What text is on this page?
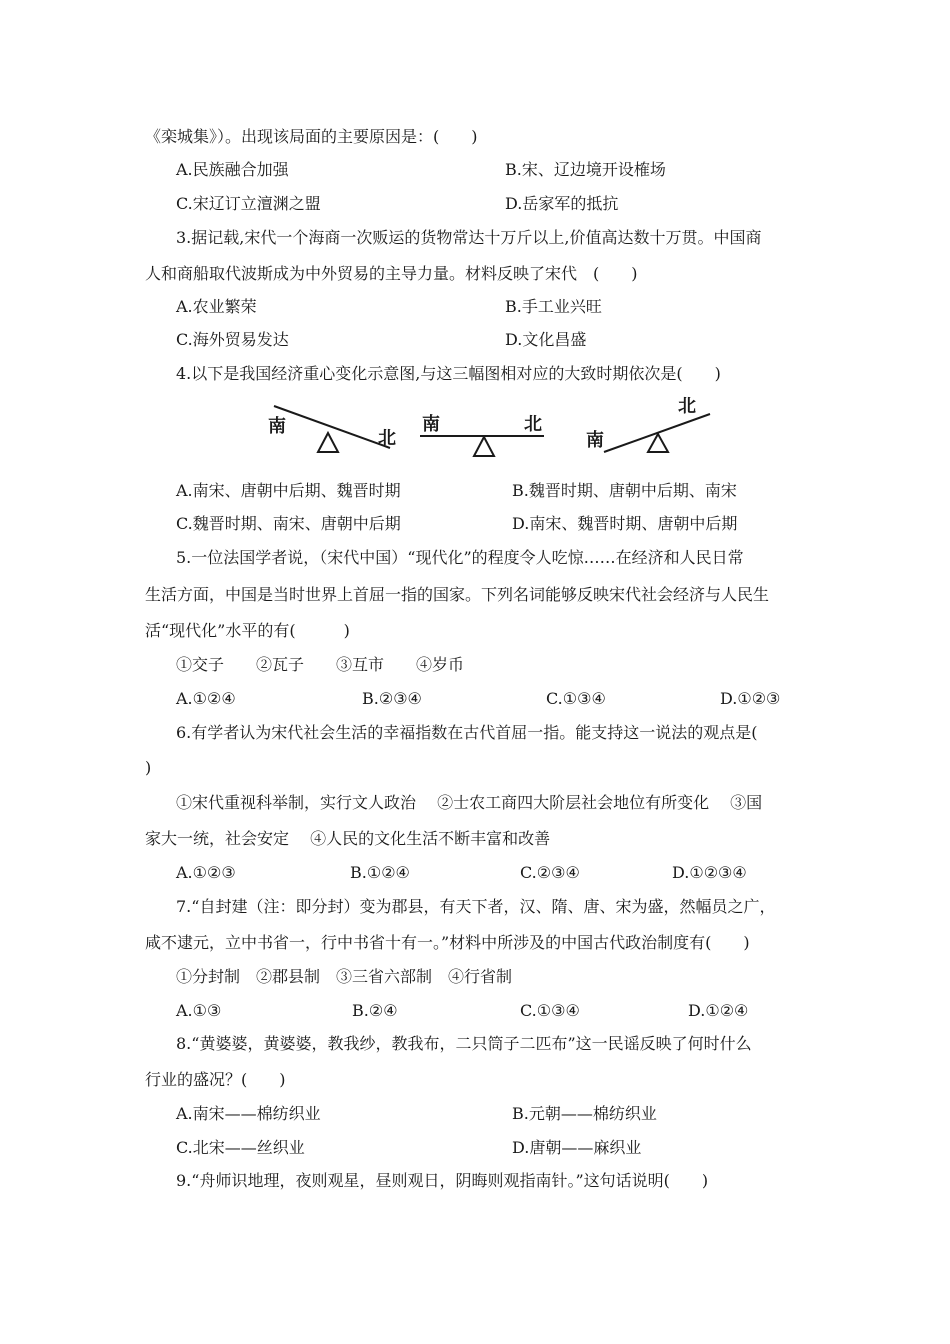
《栾城集》）。出现该局面的主要原因是：(　　)
A.民族融合加强	B.宋、辽边境开设榷场
C.宋辽订立澶渊之盟	D.岳家军的抵抗
3.据记载,宋代一个海商一次贩运的货物常达十万斤以上,价值高达数十万贯。中国商
人和商船取代波斯成为中外贸易的主导力量。材料反映了宋代　(　　)
A.农业繁荣	B.手工业兴旺
C.海外贸易发达	D.文化昌盛
4.以下是我国经济重心变化示意图,与这三幅图相对应的大致时期依次是(　　)
南
北
南	北
南
北
A.南宋、唐朝中后期、魏晋时期	B.魏晋时期、唐朝中后期、南宋
C.魏晋时期、南宋、唐朝中后期	D.南宋、魏晋时期、唐朝中后期
5.一位法国学者说，（宋代中国）“现代化”的程度令人吃惊……在经济和人民日常
生活方面，中国是当时世界上首屈一指的国家。下列名词能够反映宋代社会经济与人民生
活“现代化”水平的有(　　　)
①交子　　②瓦子　　③互市　　④岁币
A.①②④	B.②③④	C.①③④	D.①②③
6.有学者认为宋代社会生活的幸福指数在古代首屈一指。能支持这一说法的观点是(
)
①宋代重视科举制，实行文人政治　 ②士农工商四大阶层社会地位有所变化　 ③国
家大一统，社会安定　 ④人民的文化生活不断丰富和改善
A.①②③	B.①②④	C.②③④	D.①②③④
7.“自封建（注：即分封）变为郡县，有天下者，汉、隋、唐、宋为盛，然幅员之广，
咸不逮元，立中书省一，行中书省十有一。”材料中所涉及的中国古代政治制度有(　　)
①分封制　②郡县制　③三省六部制　④行省制
A.①③	B.②④	C.①③④	D.①②④
8.“黄婆婆，黄婆婆，教我纱，教我布，二只筒子二匹布”这一民谣反映了何时什么
行业的盛况？(　　)
A.南宋——棉纺织业	B.元朝——棉纺织业
C.北宋——丝织业	D.唐朝——麻织业
9.“舟师识地理，夜则观星，昼则观日，阴晦则观指南针。”这句话说明(　　)
